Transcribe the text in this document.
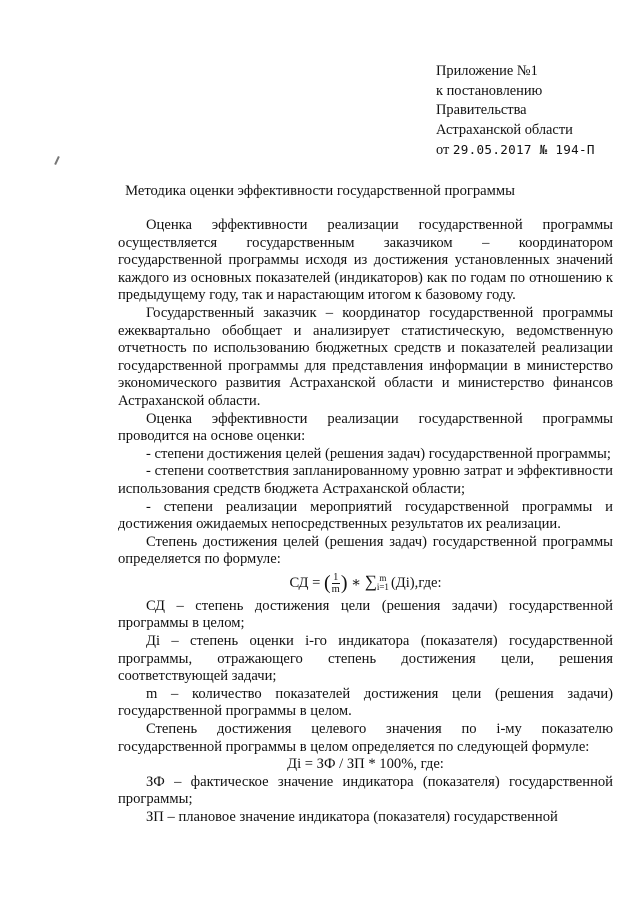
Приложение №1
к постановлению
Правительства
Астраханской области
от 29.05.2017 № 194-П
Методика оценки эффективности государственной программы

Оценка эффективности реализации государственной программы осуществляется государственным заказчиком – координатором государственной программы исходя из достижения установленных значений каждого из основных показателей (индикаторов) как по годам по отношению к предыдущему году, так и нарастающим итогом к базовому году.

Государственный заказчик – координатор государственной программы ежеквартально обобщает и анализирует статистическую, ведомственную отчетность по использованию бюджетных средств и показателей реализации государственной программы для представления информации в министерство экономического развития Астраханской области и министерство финансов Астраханской области.

Оценка эффективности реализации государственной программы проводится на основе оценки:

- степени достижения целей (решения задач) государственной программы;

- степени соответствия запланированному уровню затрат и эффективности использования средств бюджета Астраханской области;

- степени реализации мероприятий государственной программы и достижения ожидаемых непосредственных результатов их реализации.

Степень достижения целей (решения задач) государственной программы определяется по формуле:

СД = ( $\frac{1}{m}$ ) ∗ ∑ m
i=1 (Дi),где:

СД – степень достижения цели (решения задачи) государственной программы в целом;

Дi – степень оценки i-го индикатора (показателя) государственной программы, отражающего степень достижения цели, решения соответствующей задачи;

m – количество показателей достижения цели (решения задачи) государственной программы в целом.

Степень достижения целевого значения по i-му показателю государственной программы в целом определяется по следующей формуле:

Дi = ЗФ / ЗП * 100%, где:

ЗФ – фактическое значение индикатора (показателя) государственной программы;

ЗП – плановое значение индикатора (показателя) государственной
